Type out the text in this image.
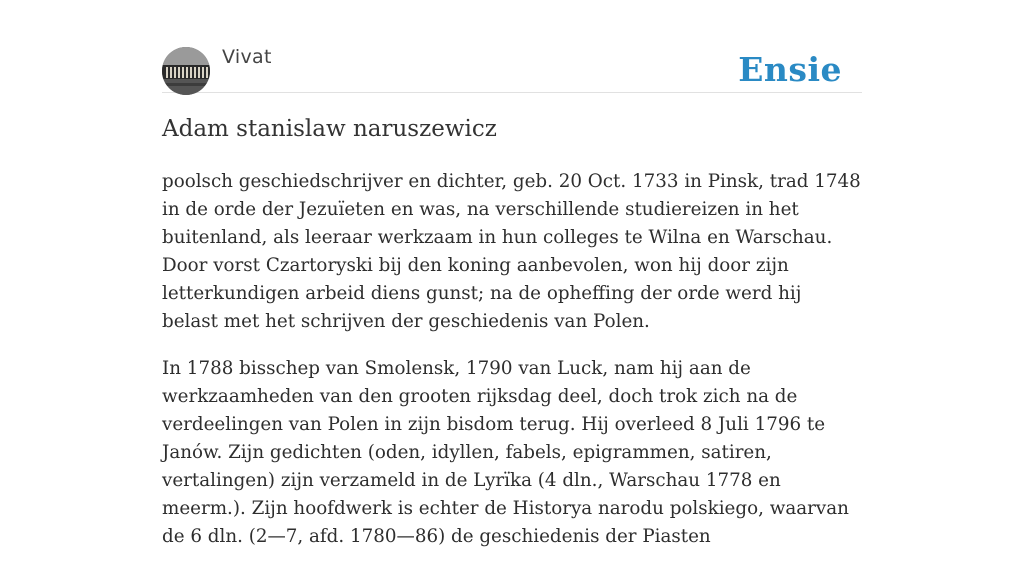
Vivat	Ensie
Adam stanislaw naruszewicz

poolsch geschiedschrijver en dichter, geb. 20 Oct. 1733 in Pinsk, trad 1748 in de orde der Jezuïeten en was, na verschillende studiereizen in het buitenland, als leeraar werkzaam in hun colleges te Wilna en Warschau. Door vorst Czartoryski bij den koning aanbevolen, won hij door zijn letterkundigen arbeid diens gunst; na de opheffing der orde werd hij belast met het schrijven der geschiedenis van Polen.

In 1788 bisschep van Smolensk, 1790 van Luck, nam hij aan de werkzaamheden van den grooten rijksdag deel, doch trok zich na de verdeelingen van Polen in zijn bisdom terug. Hij overleed 8 Juli 1796 te Janów. Zijn gedichten (oden, idyllen, fabels, epigrammen, satiren, vertalingen) zijn verzameld in de Lyrïka (4 dln., Warschau 1778 en meerm.). Zijn hoofdwerk is echter de Historya narodu polskiego, waarvan de 6 dln. (2—7, afd. 1780—86) de geschiedenis der Piasten
